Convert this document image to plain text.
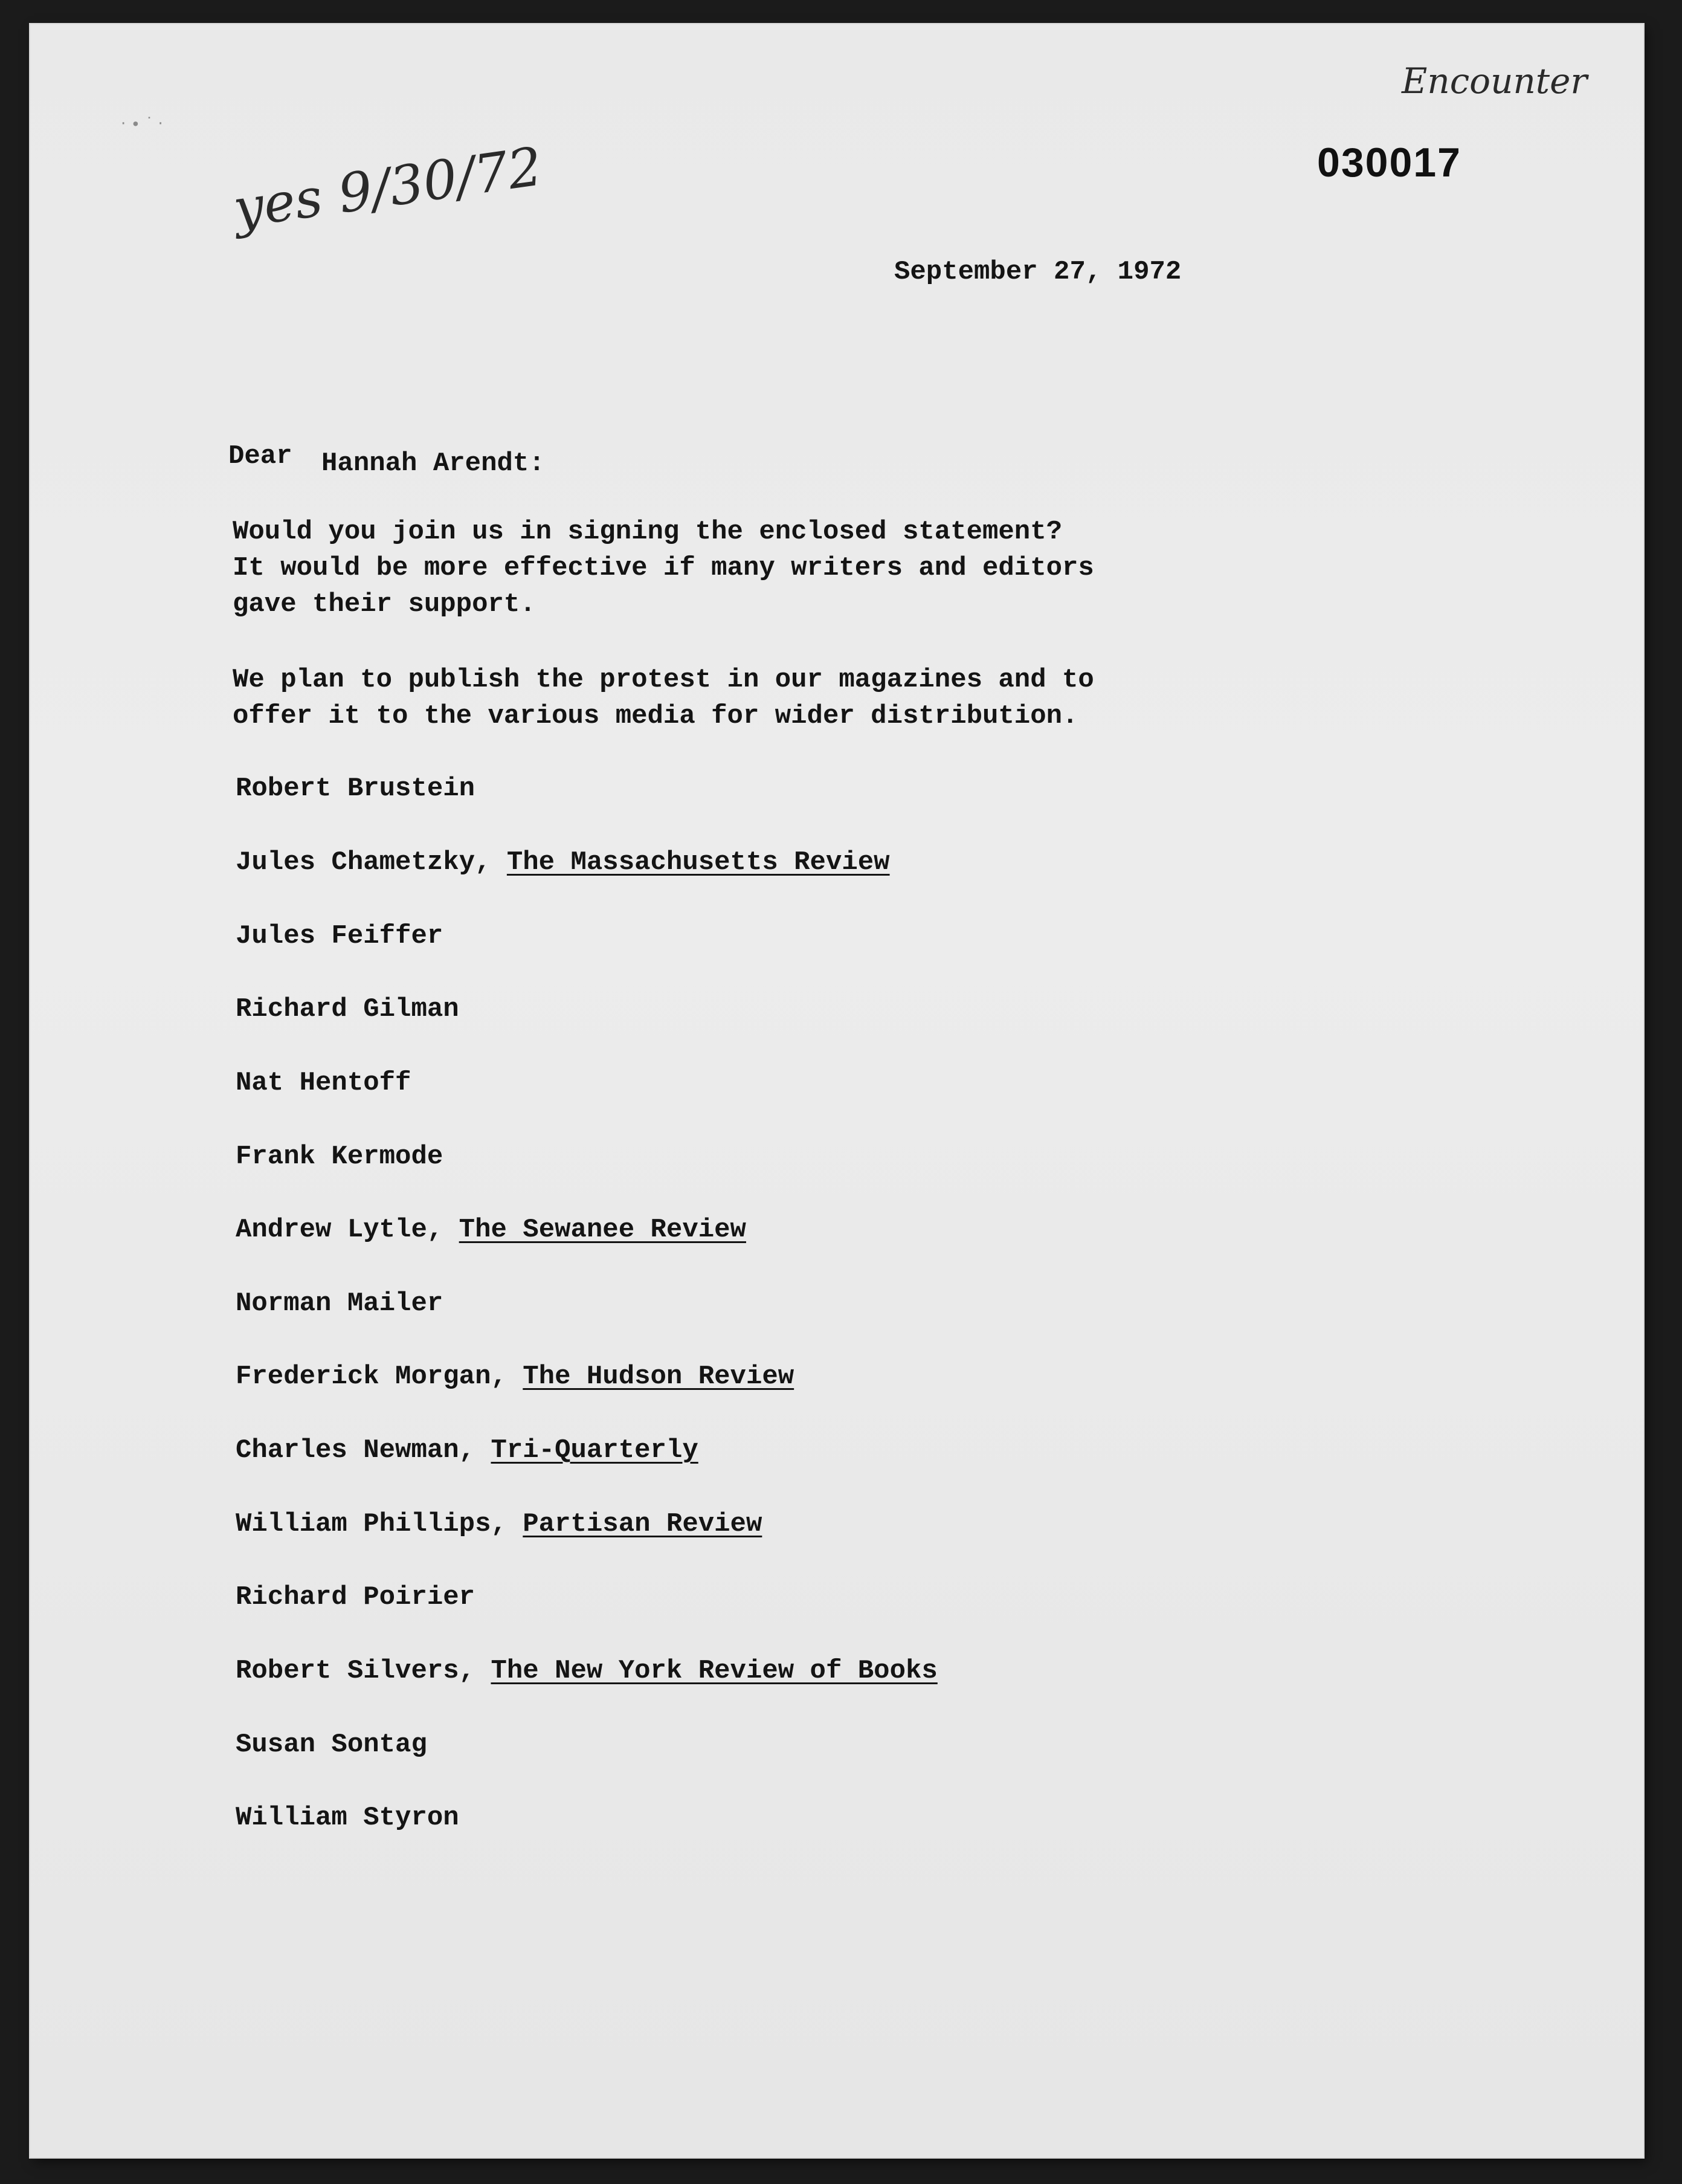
·∙˙·
Encounter
030017
yes 9/30/72
September 27, 1972
Dear Hannah Arendt:
Would you join us in signing the enclosed statement?
It would be more effective if many writers and editors
gave their support.
We plan to publish the protest in our magazines and to
offer it to the various media for wider distribution.
Robert Brustein
Jules Chametzky, The Massachusetts Review
Jules Feiffer
Richard Gilman
Nat Hentoff
Frank Kermode
Andrew Lytle, The Sewanee Review
Norman Mailer
Frederick Morgan, The Hudson Review
Charles Newman, Tri-Quarterly
William Phillips, Partisan Review
Richard Poirier
Robert Silvers, The New York Review of Books
Susan Sontag
William Styron
